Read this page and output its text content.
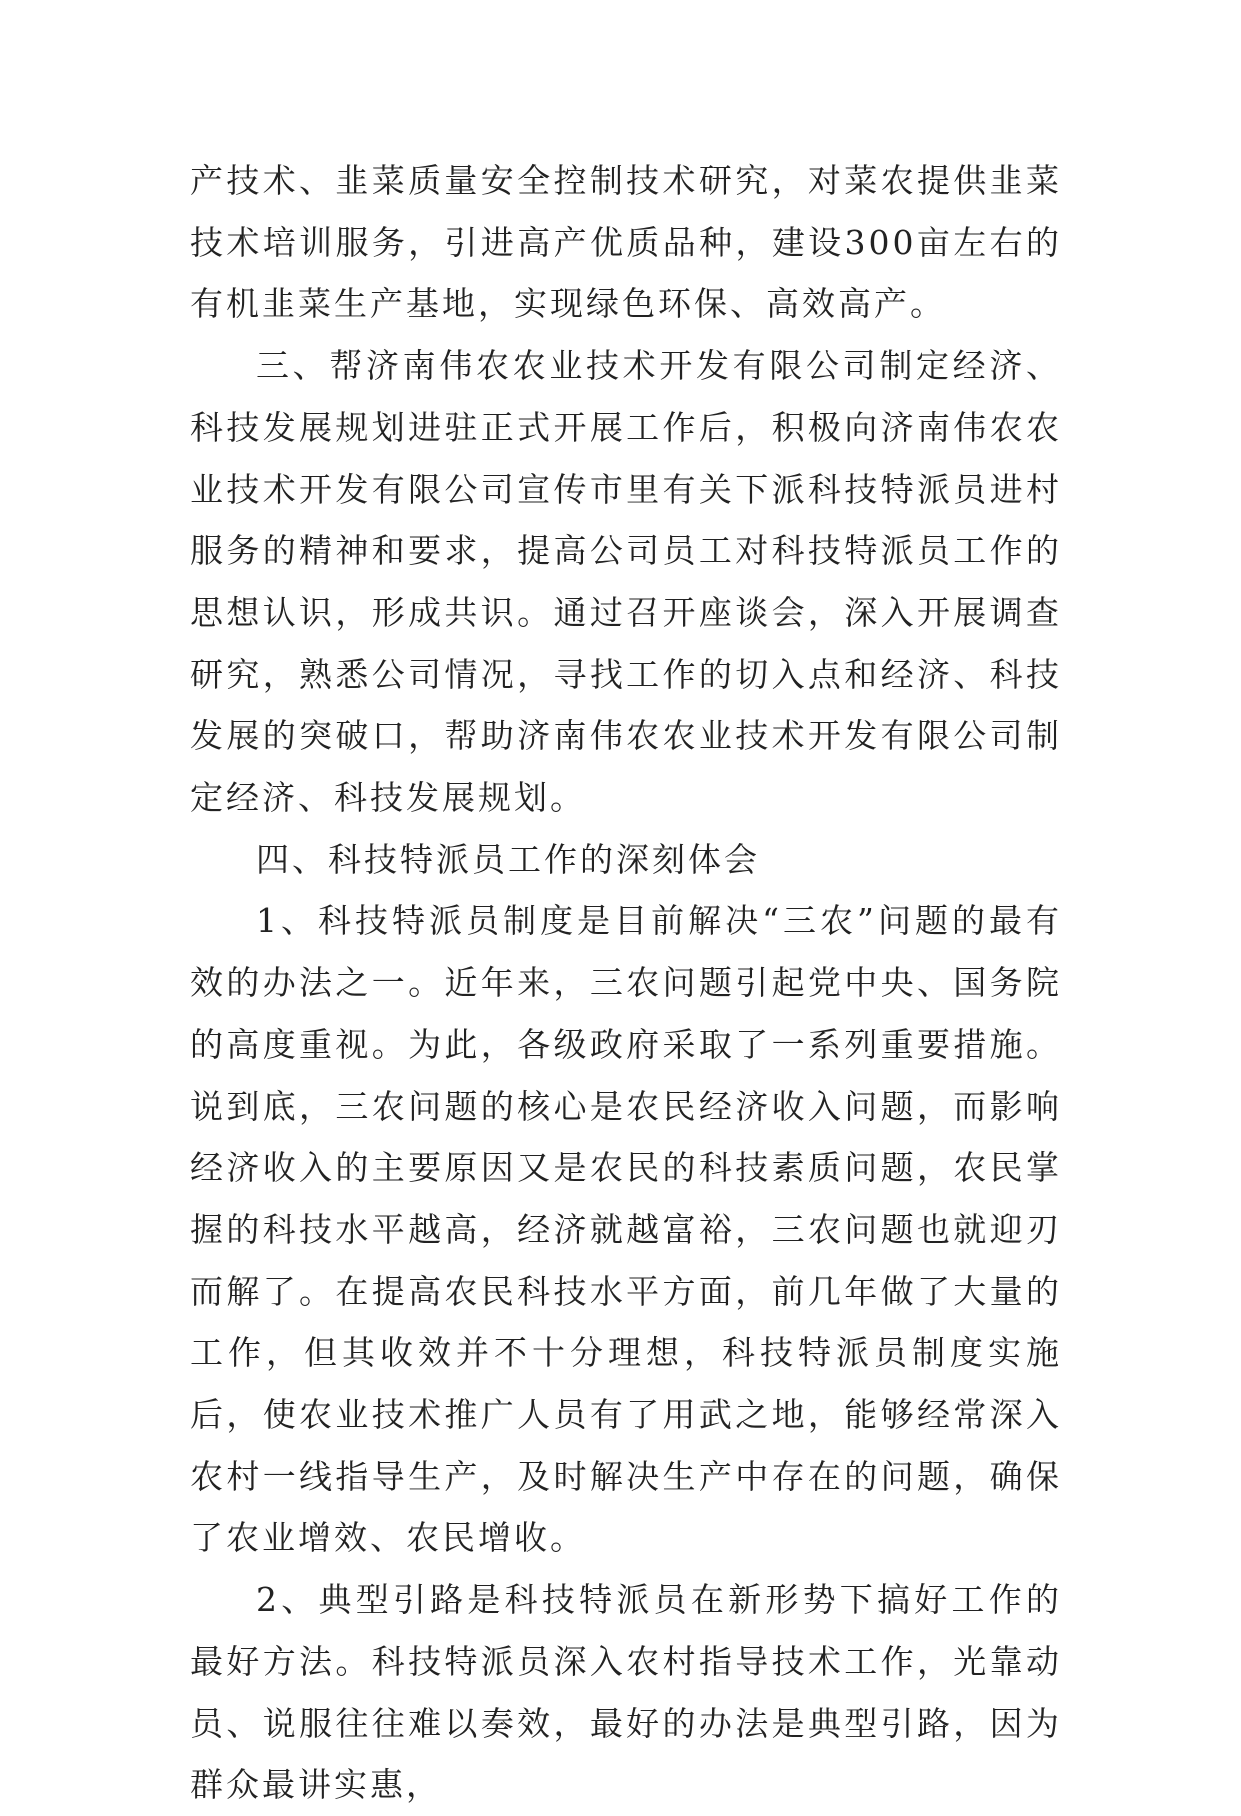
产技术、韭菜质量安全控制技术研究，对菜农提供韭菜技术培训服务，引进高产优质品种，建设300亩左右的有机韭菜生产基地，实现绿色环保、高效高产。

三、帮济南伟农农业技术开发有限公司制定经济、科技发展规划进驻正式开展工作后，积极向济南伟农农业技术开发有限公司宣传市里有关下派科技特派员进村服务的精神和要求，提高公司员工对科技特派员工作的思想认识，形成共识。通过召开座谈会，深入开展调查研究，熟悉公司情况，寻找工作的切入点和经济、科技发展的突破口，帮助济南伟农农业技术开发有限公司制定经济、科技发展规划。

四、科技特派员工作的深刻体会

1、科技特派员制度是目前解决“三农”问题的最有效的办法之一。近年来，三农问题引起党中央、国务院的高度重视。为此，各级政府采取了一系列重要措施。说到底，三农问题的核心是农民经济收入问题，而影响经济收入的主要原因又是农民的科技素质问题，农民掌握的科技水平越高，经济就越富裕，三农问题也就迎刃而解了。在提高农民科技水平方面，前几年做了大量的工作，但其收效并不十分理想，科技特派员制度实施后，使农业技术推广人员有了用武之地，能够经常深入农村一线指导生产，及时解决生产中存在的问题，确保了农业增效、农民增收。

2、典型引路是科技特派员在新形势下搞好工作的最好方法。科技特派员深入农村指导技术工作，光靠动员、说服往往难以奏效，最好的办法是典型引路，因为群众最讲实惠，
